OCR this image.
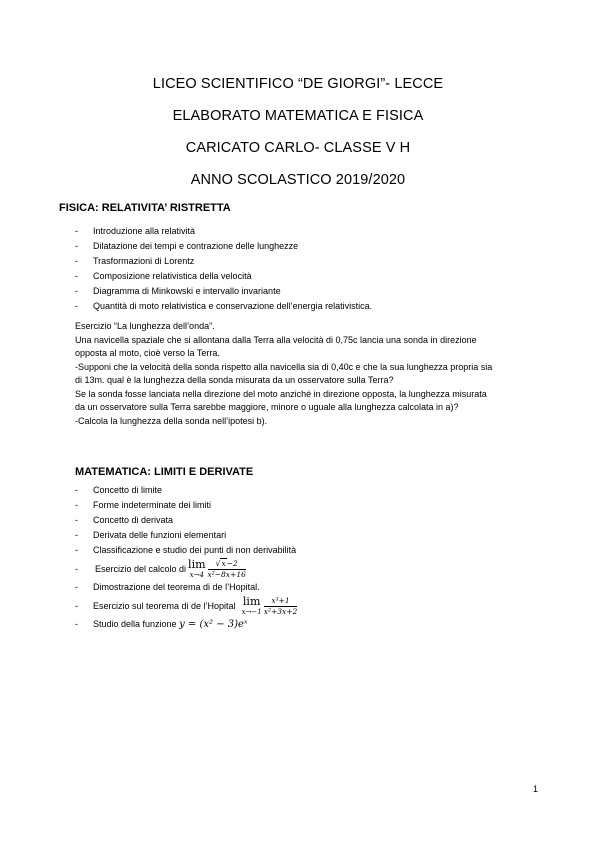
LICEO SCIENTIFICO “DE GIORGI”- LECCE
ELABORATO MATEMATICA E FISICA
CARICATO CARLO- CLASSE V H
ANNO SCOLASTICO 2019/2020
FISICA: RELATIVITA’ RISTRETTA
- Introduzione alla relatività
- Dilatazione dei tempi e contrazione delle lunghezze
- Trasformazioni di Lorentz
- Composizione relativistica della velocità
- Diagramma di Minkowski e intervallo invariante
- Quantità di moto relativistica e conservazione dell’energia relativistica.
Esercizio “La lunghezza dell’onda”.
Una navicella spaziale che si allontana dalla Terra alla velocità di 0,75c lancia una sonda in direzione
opposta al moto, cioè verso la Terra.
-Supponi che la velocità della sonda rispetto alla navicella sia di 0,40c e che la sua lunghezza propria sia
di 13m. qual è la lunghezza della sonda misurata da un osservatore sulla Terra?
Se la sonda fosse lanciata nella direzione del moto anziché in direzione opposta, la lunghezza misurata
da un osservatore sulla Terra sarebbe maggiore, minore o uguale alla lunghezza calcolata in a)?
-Calcola la lunghezza della sonda nell’ipotesi b).
MATEMATICA: LIMITI E DERIVATE
- Concetto di limite
- Forme indeterminate dei limiti
- Concetto di derivata
- Derivata delle funzioni elementari
- Classificazione e studio dei punti di non derivabilità
- Esercizio del calcolo di lim
$x\to 4 \frac{√x-2}{\text{x²−8x+16}}$
- Dimostrazione del teorema di de l’Hopital.
- Esercizio sul teorema di de l’Hopital lim
$x\to-1 \frac{\text{x³+1}}{\text{x²+3x+2}}$
- Studio della funzione y = (x² − 3)eˣ
1
